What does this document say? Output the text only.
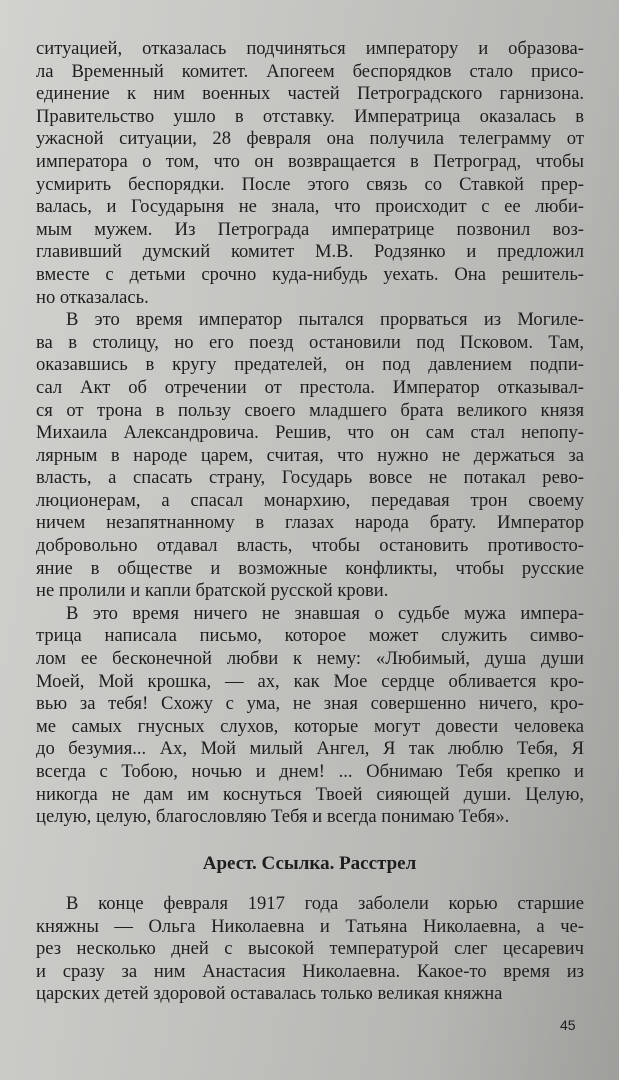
ситуацией, отказалась подчиняться императору и образова-
ла Временный комитет. Апогеем беспорядков стало присо-
единение к ним военных частей Петроградского гарнизона.
Правительство ушло в отставку. Императрица оказалась в
ужасной ситуации, 28 февраля она получила телеграмму от
императора о том, что он возвращается в Петроград, чтобы
усмирить беспорядки. После этого связь со Ставкой прер-
валась, и Государыня не знала, что происходит с ее люби-
мым мужем. Из Петрограда императрице позвонил воз-
главивший думский комитет М.В. Родзянко и предложил
вместе с детьми срочно куда-нибудь уехать. Она решитель-
но отказалась.

В это время император пытался прорваться из Могиле-
ва в столицу, но его поезд остановили под Псковом. Там,
оказавшись в кругу предателей, он под давлением подпи-
сал Акт об отречении от престола. Император отказывал-
ся от трона в пользу своего младшего брата великого князя
Михаила Александровича. Решив, что он сам стал непопу-
лярным в народе царем, считая, что нужно не держаться за
власть, а спасать страну, Государь вовсе не потакал рево-
люционерам, а спасал монархию, передавая трон своему
ничем незапятнанному в глазах народа брату. Император
добровольно отдавал власть, чтобы остановить противосто-
яние в обществе и возможные конфликты, чтобы русские
не пролили и капли братской русской крови.

В это время ничего не знавшая о судьбе мужа импера-
трица написала письмо, которое может служить симво-
лом ее бесконечной любви к нему: «Любимый, душа души
Моей, Мой крошка, — ах, как Мое сердце обливается кро-
вью за тебя! Схожу с ума, не зная совершенно ничего, кро-
ме самых гнусных слухов, которые могут довести человека
до безумия... Ах, Мой милый Ангел, Я так люблю Тебя, Я
всегда с Тобою, ночью и днем! ... Обнимаю Тебя крепко и
никогда не дам им коснуться Твоей сияющей души. Целую,
целую, целую, благословляю Тебя и всегда понимаю Тебя».

Арест. Ссылка. Расстрел

В конце февраля 1917 года заболели корью старшие
княжны — Ольга Николаевна и Татьяна Николаевна, а че-
рез несколько дней с высокой температурой слег цесаревич
и сразу за ним Анастасия Николаевна. Какое-то время из
царских детей здоровой оставалась только великая княжна

45
